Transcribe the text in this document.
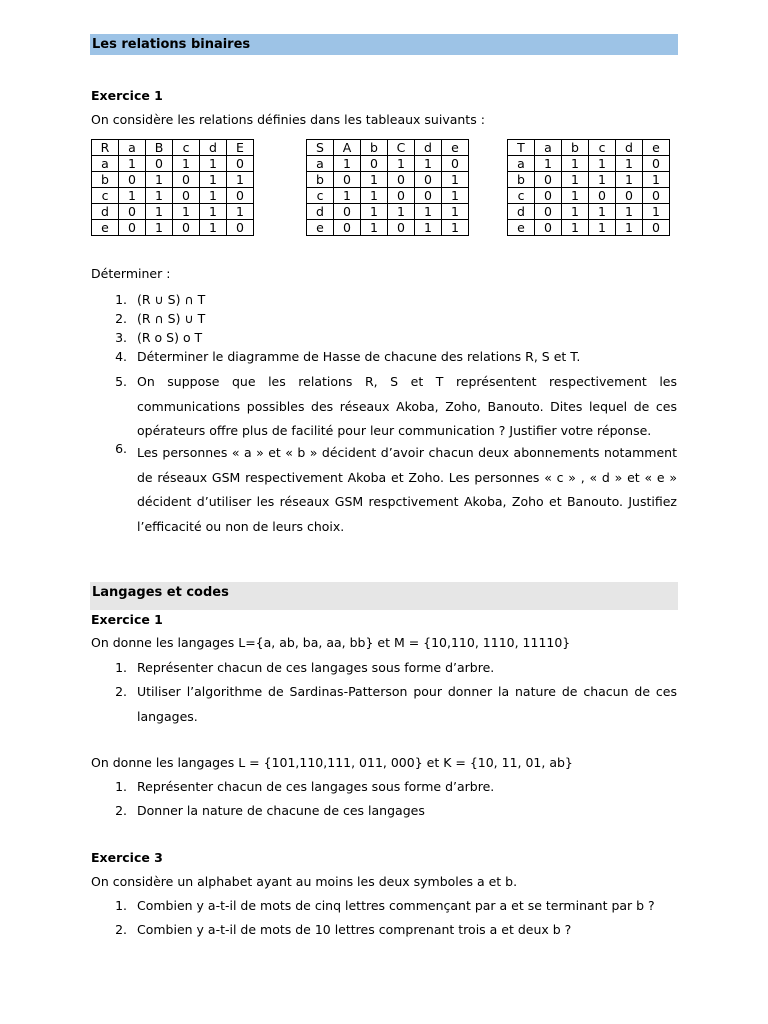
Les relations binaires
Exercice 1
On considère les relations définies dans les tableaux suivants :
R	a	B	c	d	E
a	1	0	1	1	0
b	0	1	0	1	1
c	1	1	0	1	0
d	0	1	1	1	1
e	0	1	0	1	0
S	A	b	C	d	e
a	1	0	1	1	0
b	0	1	0	0	1
c	1	1	0	0	1
d	0	1	1	1	1
e	0	1	0	1	1
T	a	b	c	d	e
a	1	1	1	1	0
b	0	1	1	1	1
c	0	1	0	0	0
d	0	1	1	1	1
e	0	1	1	1	0
Déterminer :
1. (R ∪ S) ∩ T
2. (R ∩ S) ∪ T
3. (R o S) o T
4. Déterminer le diagramme de Hasse de chacune des relations R, S et T.
5.
6.
On suppose que les relations R, S et T représentent respectivement les communications possibles des réseaux Akoba, Zoho, Banouto. Dites lequel de ces opérateurs offre plus de facilité pour leur communication ? Justifier votre réponse.
Les personnes « a » et « b » décident d’avoir chacun deux abonnements notamment de réseaux GSM respectivement Akoba et Zoho. Les personnes « c » , « d » et « e » décident d’utiliser les réseaux GSM respctivement Akoba, Zoho et Banouto. Justifiez l’efficacité ou non de leurs choix.
Langages et codes
Exercice 1
On donne les langages L={a, ab, ba, aa, bb} et M = {10,110, 1110, 11110}
1. Représenter chacun de ces langages sous forme d’arbre.
2. Utiliser l’algorithme de Sardinas-Patterson pour donner la nature de chacun de ces langages.
On donne les langages L = {101,110,111, 011, 000} et K = {10, 11, 01, ab}
1. Représenter chacun de ces langages sous forme d’arbre.
2. Donner la nature de chacune de ces langages
Exercice 3
On considère un alphabet ayant au moins les deux symboles a et b.
1. Combien y a-t-il de mots de cinq lettres commençant par a et se terminant par b ?
2. Combien y a-t-il de mots de 10 lettres comprenant trois a et deux b ?
